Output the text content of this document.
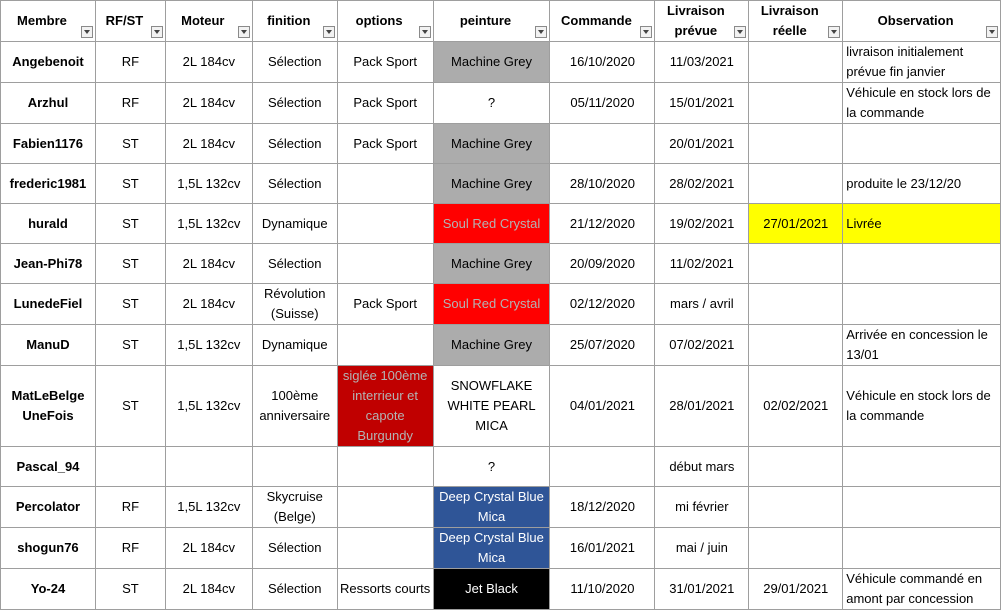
Membre	RF/ST	Moteur	finition	options	peinture	Commande	Livraison prévue	Livraison réelle	Observation

Angebenoit	RF	2L 184cv	Sélection	Pack Sport	Machine Grey	16/10/2020	11/03/2021		livraison initialement prévue fin janvier
Arzhul	RF	2L 184cv	Sélection	Pack Sport	?	05/11/2020	15/01/2021		Véhicule en stock lors de la commande
Fabien1176	ST	2L 184cv	Sélection	Pack Sport	Machine Grey		20/01/2021		
frederic1981	ST	1,5L 132cv	Sélection		Machine Grey	28/10/2020	28/02/2021		produite le 23/12/20
hurald	ST	1,5L 132cv	Dynamique		Soul Red Crystal	21/12/2020	19/02/2021	27/01/2021	Livrée
Jean-Phi78	ST	2L 184cv	Sélection		Machine Grey	20/09/2020	11/02/2021		
LunedeFiel	ST	2L 184cv	Révolution (Suisse)	Pack Sport	Soul Red Crystal	02/12/2020	mars / avril		
ManuD	ST	1,5L 132cv	Dynamique		Machine Grey	25/07/2020	07/02/2021		Arrivée en concession le 13/01
MatLeBelge UneFois	ST	1,5L 132cv	100ème anniversaire	siglée 100ème interrieur et capote Burgundy	SNOWFLAKE WHITE PEARL MICA	04/01/2021	28/01/2021	02/02/2021	Véhicule en stock lors de la commande
Pascal_94					?		début mars		
Percolator	RF	1,5L 132cv	Skycruise (Belge)		Deep Crystal Blue Mica	18/12/2020	mi février		
shogun76	RF	2L 184cv	Sélection		Deep Crystal Blue Mica	16/01/2021	mai / juin		
Yo-24	ST	2L 184cv	Sélection	Ressorts courts	Jet Black	11/10/2020	31/01/2021	29/01/2021	Véhicule commandé en amont par concession
